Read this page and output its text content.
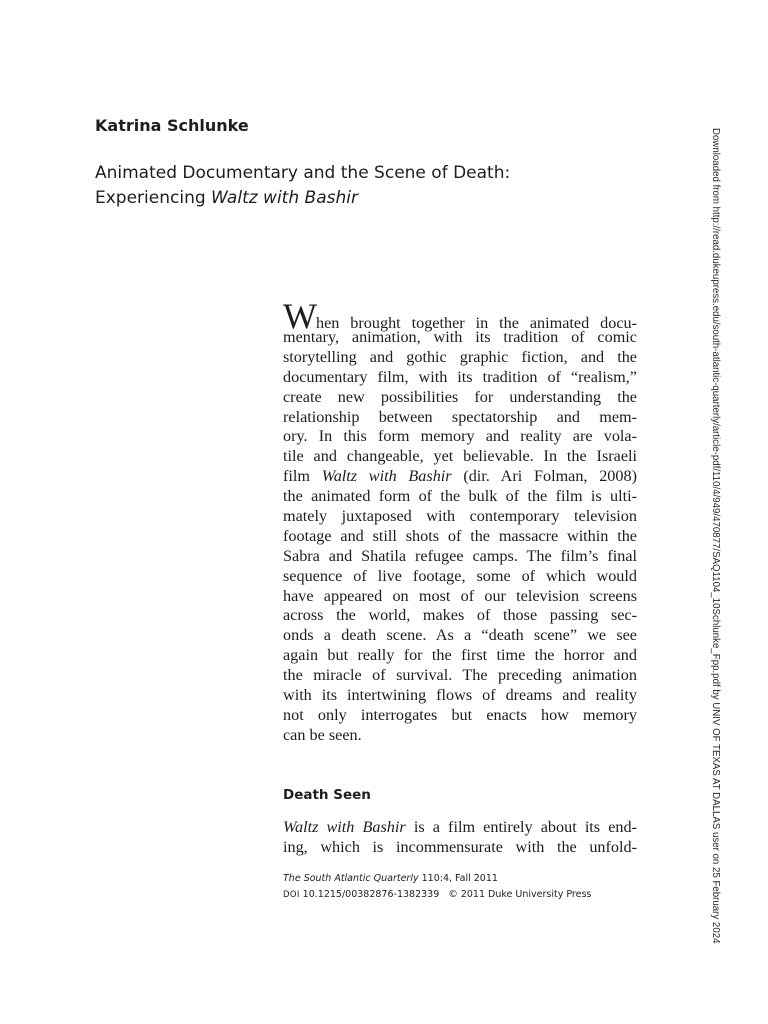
Katrina Schlunke
Animated Documentary and the Scene of Death:
Experiencing Waltz with Bashir
When brought together in the animated docu-
mentary, animation, with its tradition of comic
storytelling and gothic graphic fiction, and the
documentary film, with its tradition of “realism,”
create new possibilities for understanding the
relationship between spectatorship and mem-
ory. In this form memory and reality are vola-
tile and changeable, yet believable. In the Israeli
film Waltz with Bashir (dir. Ari Folman, 2008)
the animated form of the bulk of the film is ulti-
mately juxtaposed with contemporary television
footage and still shots of the massacre within the
Sabra and Shatila refugee camps. The film’s final
sequence of live footage, some of which would
have appeared on most of our television screens
across the world, makes of those passing sec-
onds a death scene. As a “death scene” we see
again but really for the first time the horror and
the miracle of survival. The preceding animation
with its intertwining flows of dreams and reality
not only interrogates but enacts how memory
can be seen.
Death Seen
Waltz with Bashir is a film entirely about its end-
ing, which is incommensurate with the unfold-
The South Atlantic Quarterly 110:4, Fall 2011
DOI 10.1215/00382876-1382339 © 2011 Duke University Press	Downloaded from http://read.dukeupress.edu/south-atlantic-quarterly/article-pdf/110/4/949/470877/SAQ1104_10Schlunke_Fpp.pdf by UNIV OF TEXAS AT DALLAS user on 25 February 2024
